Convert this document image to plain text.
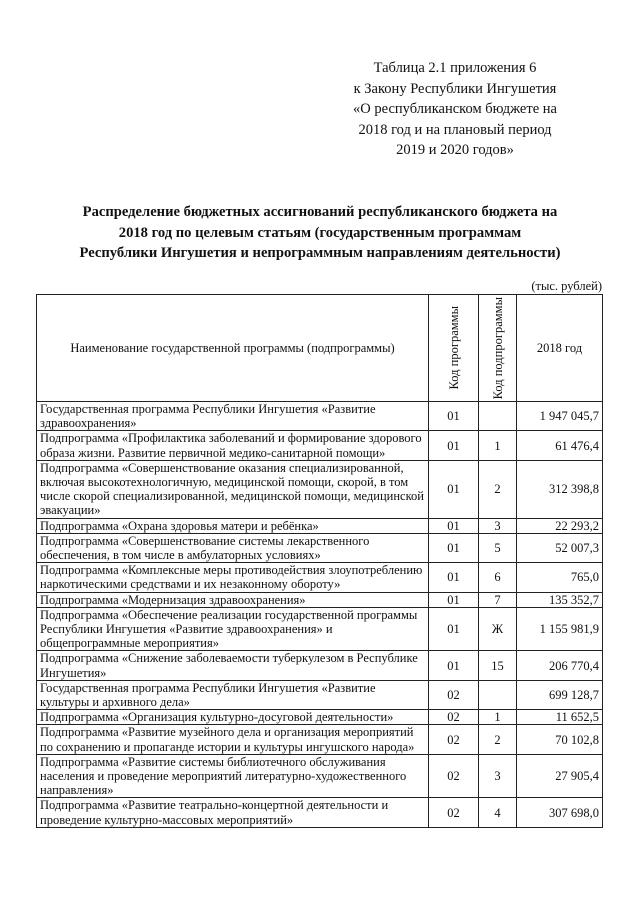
Таблица 2.1 приложения 6
к Закону Республики Ингушетия
«О республиканском бюджете на
2018 год и на плановый период
2019 и 2020 годов»
Распределение бюджетных ассигнований республиканского бюджета на
2018 год по целевым статьям (государственным программам
Республики Ингушетия и непрограммным направлениям деятельности)
(тыс. рублей)
Наименование государственной программы (подпрограммы)	Код программы	Код подпрограммы	2018 год
Государственная программа Республики Ингушетия «Развитие здравоохранения»	01		1 947 045,7
Подпрограмма «Профилактика заболеваний и формирование здорового образа жизни. Развитие первичной медико-санитарной помощи»	01	1	61 476,4
Подпрограмма «Совершенствование оказания специализированной, включая высокотехнологичную, медицинской помощи, скорой, в том числе скорой специализированной, медицинской помощи, медицинской эвакуации»	01	2	312 398,8
Подпрограмма «Охрана здоровья матери и ребёнка»	01	3	22 293,2
Подпрограмма «Совершенствование системы лекарственного обеспечения, в том числе в амбулаторных условиях»	01	5	52 007,3
Подпрограмма «Комплексные меры противодействия злоупотреблению наркотическими средствами и их незаконному обороту»	01	6	765,0
Подпрограмма «Модернизация здравоохранения»	01	7	135 352,7
Подпрограмма «Обеспечение реализации государственной программы Республики Ингушетия «Развитие здравоохранения» и общепрограммные мероприятия»	01	Ж	1 155 981,9
Подпрограмма «Снижение заболеваемости туберкулезом в Республике Ингушетия»	01	15	206 770,4
Государственная программа Республики Ингушетия «Развитие культуры и архивного дела»	02		699 128,7
Подпрограмма «Организация культурно-досуговой деятельности»	02	1	11 652,5
Подпрограмма «Развитие музейного дела и организация мероприятий по сохранению и пропаганде истории и культуры ингушского народа»	02	2	70 102,8
Подпрограмма «Развитие системы библиотечного обслуживания населения и проведение мероприятий литературно-художественного направления»	02	3	27 905,4
Подпрограмма «Развитие театрально-концертной деятельности и проведение культурно-массовых мероприятий»	02	4	307 698,0
